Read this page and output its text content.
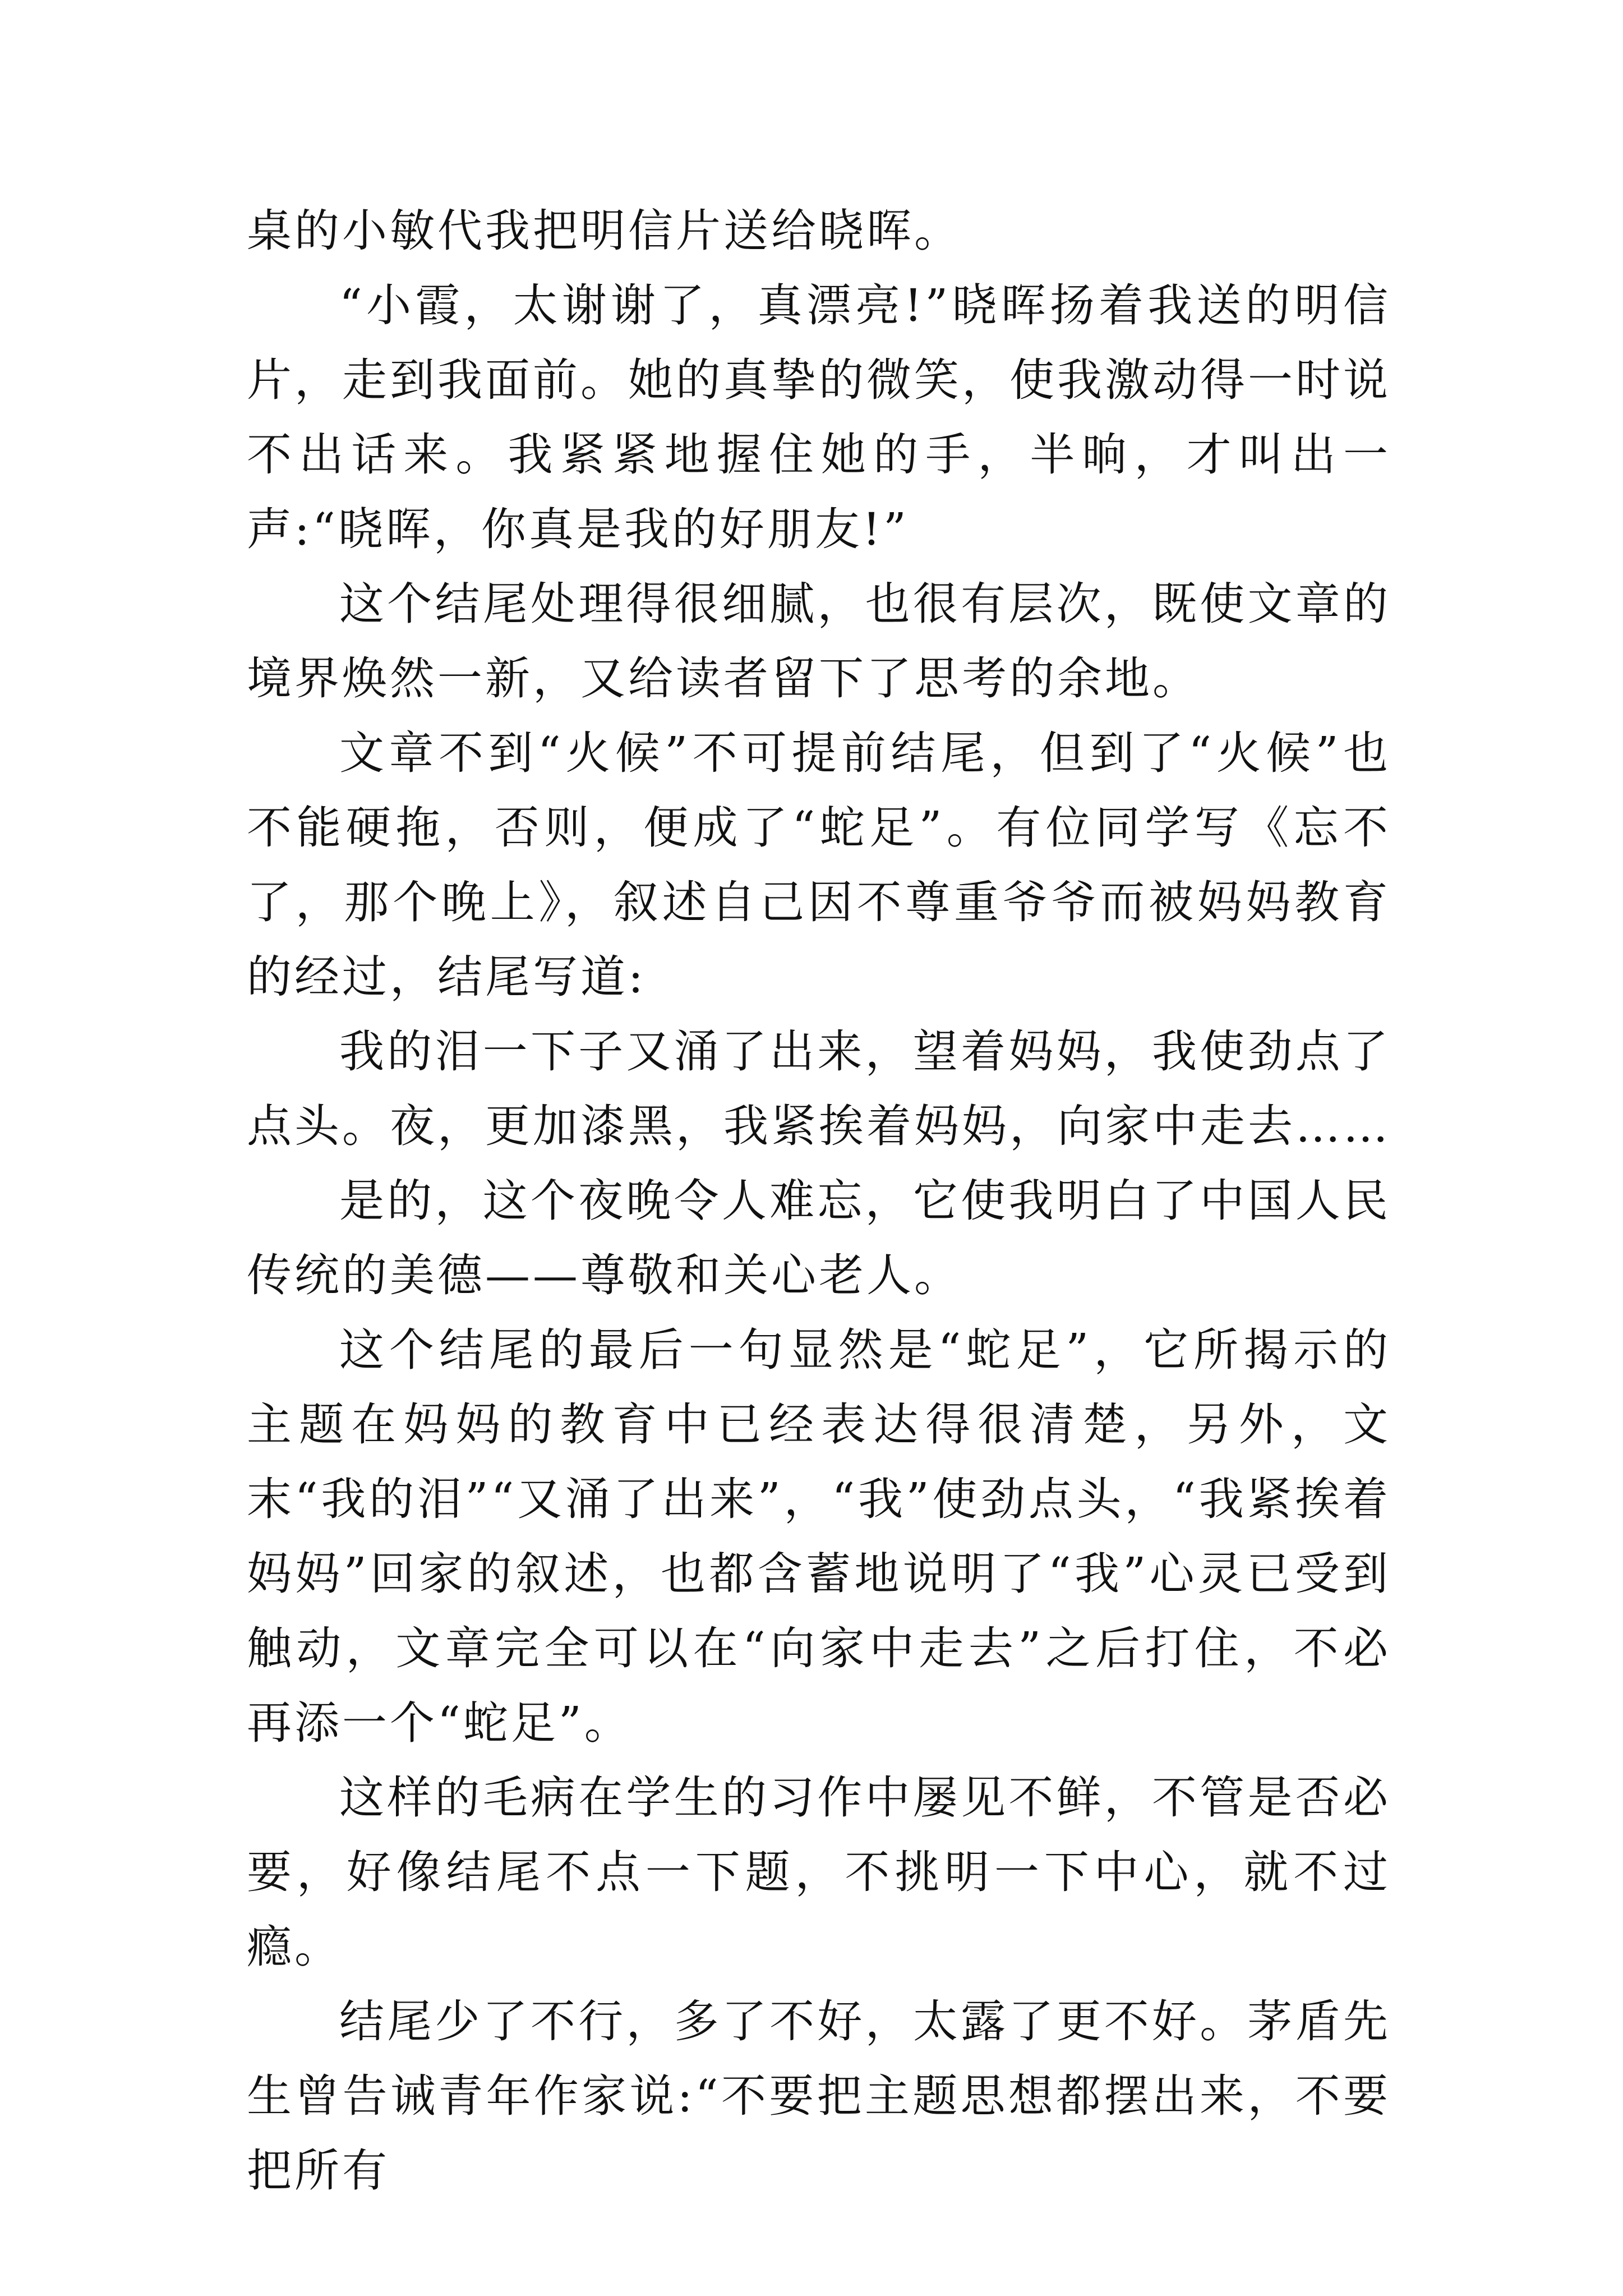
桌的小敏代我把明信片送给晓晖。

“小霞，太谢谢了，真漂亮!”晓晖扬着我送的明信片，走到我面前。她的真挚的微笑，使我激动得一时说不出话来。我紧紧地握住她的手，半晌，才叫出一声:“晓晖，你真是我的好朋友!”

这个结尾处理得很细腻，也很有层次，既使文章的境界焕然一新，又给读者留下了思考的余地。

文章不到“火候”不可提前结尾，但到了“火候”也不能硬拖，否则，便成了“蛇足”。有位同学写《忘不了，那个晚上》，叙述自己因不尊重爷爷而被妈妈教育的经过，结尾写道:

我的泪一下子又涌了出来，望着妈妈，我使劲点了点头。夜，更加漆黑，我紧挨着妈妈，向家中走去……

是的，这个夜晚令人难忘，它使我明白了中国人民传统的美德——尊敬和关心老人。

这个结尾的最后一句显然是“蛇足”，它所揭示的主题在妈妈的教育中已经表达得很清楚，另外，文末“我的泪”“又涌了出来”，“我”使劲点头，“我紧挨着妈妈”回家的叙述，也都含蓄地说明了“我”心灵已受到触动，文章完全可以在“向家中走去”之后打住，不必再添一个“蛇足”。

这样的毛病在学生的习作中屡见不鲜，不管是否必要，好像结尾不点一下题，不挑明一下中心，就不过瘾。

结尾少了不行，多了不好，太露了更不好。茅盾先生曾告诫青年作家说:“不要把主题思想都摆出来，不要把所有
